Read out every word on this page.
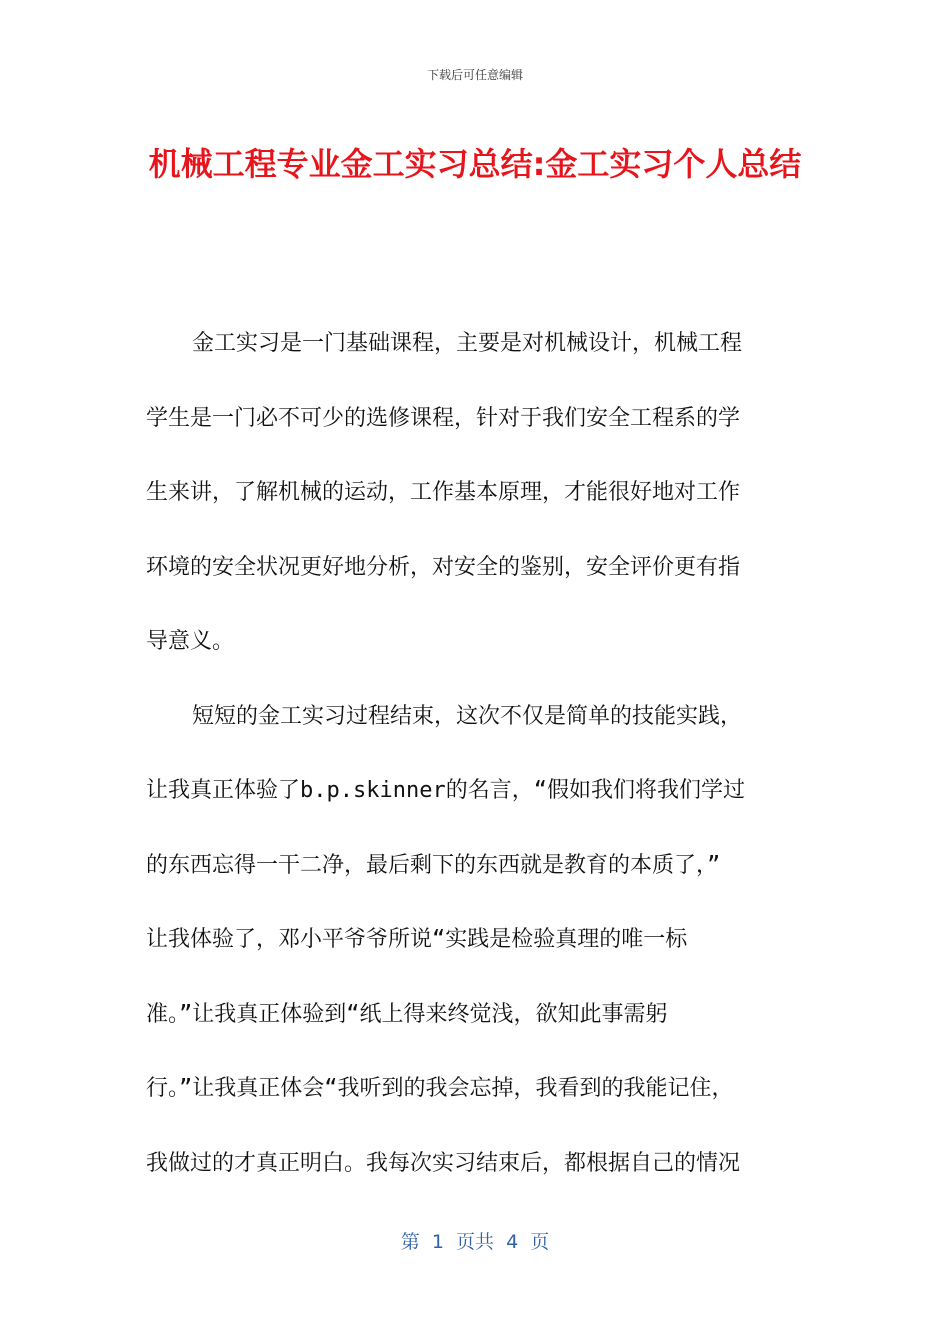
下载后可任意编辑
机械工程专业金工实习总结:金工实习个人总结
金工实习是一门基础课程，主要是对机械设计，机械工程
学生是一门必不可少的选修课程，针对于我们安全工程系的学
生来讲，了解机械的运动，工作基本原理，才能很好地对工作
环境的安全状况更好地分析，对安全的鉴别，安全评价更有指
导意义。
短短的金工实习过程结束，这次不仅是简单的技能实践，
让我真正体验了b.p.skinner的名言，“假如我们将我们学过
的东西忘得一干二净，最后剩下的东西就是教育的本质了，”
让我体验了，邓小平爷爷所说“实践是检验真理的唯一标
准。”让我真正体验到“纸上得来终觉浅，欲知此事需躬
行。”让我真正体会“我听到的我会忘掉，我看到的我能记住，
我做过的才真正明白。我每次实习结束后，都根据自己的情况
第  1  页共  4  页
